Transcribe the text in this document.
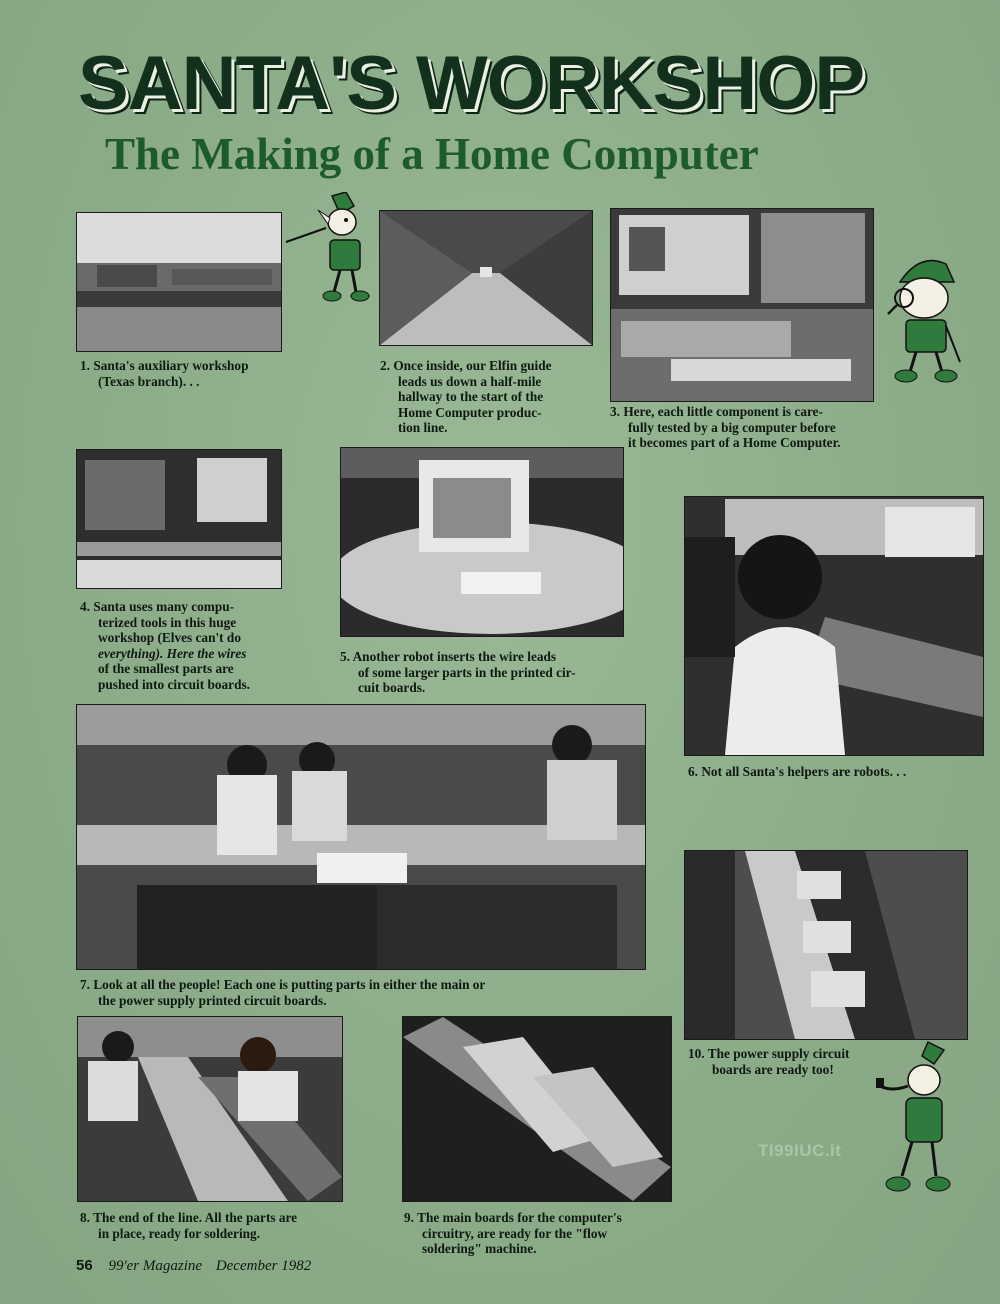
SANTA'S WORKSHOP
The Making of a Home Computer
1. Santa's auxiliary workshop
(Texas branch). . .
2. Once inside, our Elfin guide
leads us down a half-mile
hallway to the start of the
Home Computer produc-
tion line.
3. Here, each little component is care-
fully tested by a big computer before
it becomes part of a Home Computer.
4. Santa uses many compu-
terized tools in this huge
workshop (Elves can't do
everything). Here the wires
of the smallest parts are
pushed into circuit boards.
5. Another robot inserts the wire leads
of some larger parts in the printed cir-
cuit boards.
6. Not all Santa's helpers are robots. . .
7. Look at all the people! Each one is putting parts in either the main or
the power supply printed circuit boards.
8. The end of the line. All the parts are
in place, ready for soldering.
9. The main boards for the computer's
circuitry, are ready for the "flow
soldering" machine.
10. The power supply circuit
boards are ready too!
TI99IUC.it
56 99'er Magazine December 1982
